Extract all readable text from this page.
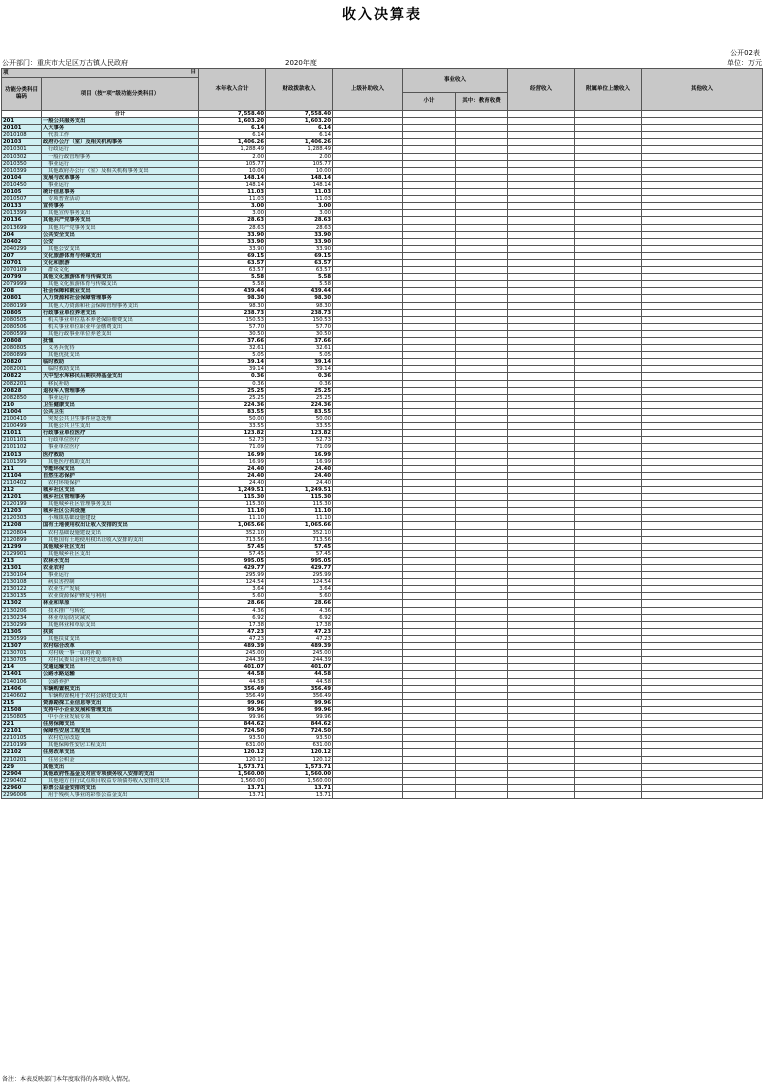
收入决算表
公开02表
公开部门：重庆市大足区万古镇人民政府	2020年度	单位：万元
项 目		本年收入合计	财政拨款收入	上级补助收入	事业收入		经营收入	附属单位上缴收入	其他收入
功能分类科目编码	项目（按“项”级功能分类科目）								
					小计	其中：教育收费			
	合计	7,558.40	7,558.40						
201	一般公共服务支出	1,603.20	1,603.20						
20101	人大事务	6.14	6.14						
2010108	代表工作	6.14	6.14						
20103	政府办公厅（室）及相关机构事务	1,406.26	1,406.26						
2010301	行政运行	1,288.49	1,288.49						
2010302	一般行政管理事务	2.00	2.00						
2010350	事业运行	105.77	105.77						
2010399	其他政府办公厅（室）及相关机构事务支出	10.00	10.00						
20104	发展与改革事务	148.14	148.14						
2010450	事业运行	148.14	148.14						
20105	统计信息事务	11.03	11.03						
2010507	专项普查活动	11.03	11.03						
20133	宣传事务	3.00	3.00						
2013399	其他宣传事务支出	3.00	3.00						
20136	其他共产党事务支出	28.63	28.63						
2013699	其他共产党事务支出	28.63	28.63						
204	公共安全支出	33.90	33.90						
20402	公安	33.90	33.90						
2040299	其他公安支出	33.90	33.90						
207	文化旅游体育与传媒支出	69.15	69.15						
20701	文化和旅游	63.57	63.57						
2070109	群众文化	63.57	63.57						
20799	其他文化旅游体育与传媒支出	5.58	5.58						
2079999	其他文化旅游体育与传媒支出	5.58	5.58						
208	社会保障和就业支出	439.44	439.44						
20801	人力资源和社会保障管理事务	98.30	98.30						
2080199	其他人力资源和社会保障管理事务支出	98.30	98.30						
20805	行政事业单位养老支出	238.73	238.73						
2080505	机关事业单位基本养老保险缴费支出	150.53	150.53						
2080506	机关事业单位职业年金缴费支出	57.70	57.70						
2080599	其他行政事业单位养老支出	30.50	30.50						
20808	抚恤	37.66	37.66						
2080805	义务兵优待	32.61	32.61						
2080899	其他优抚支出	5.05	5.05						
20820	临时救助	39.14	39.14						
2082001	临时救助支出	39.14	39.14						
20822	大中型水库移民后期扶持基金支出	0.36	0.36						
2082201	移民补助	0.36	0.36						
20828	退役军人管理事务	25.25	25.25						
2082850	事业运行	25.25	25.25						
210	卫生健康支出	224.36	224.36						
21004	公共卫生	83.55	83.55						
2100410	突发公共卫生事件应急处理	50.00	50.00						
2100499	其他公共卫生支出	33.55	33.55						
21011	行政事业单位医疗	123.82	123.82						
2101101	行政单位医疗	52.73	52.73						
2101102	事业单位医疗	71.09	71.09						
21013	医疗救助	16.99	16.99						
2101399	其他医疗救助支出	16.99	16.99						
211	节能环保支出	24.40	24.40						
21104	自然生态保护	24.40	24.40						
2110402	农村环境保护	24.40	24.40						
212	城乡社区支出	1,249.51	1,249.51						
21201	城乡社区管理事务	115.30	115.30						
2120199	其他城乡社区管理事务支出	115.30	115.30						
21203	城乡社区公共设施	11.10	11.10						
2120303	小城镇基础设施建设	11.10	11.10						
21208	国有土地使用权出让收入安排的支出	1,065.66	1,065.66						
2120804	农村基础设施建设支出	352.10	352.10						
2120899	其他国有土地使用权出让收入安排的支出	713.56	713.56						
21299	其他城乡社区支出	57.45	57.45						
2129901	其他城乡社区支出	57.45	57.45						
213	农林水支出	995.05	995.05						
21301	农业农村	429.77	429.77						
2130104	事业运行	295.99	295.99						
2130108	病虫害控制	124.54	124.54						
2130122	农业生产发展	3.64	3.64						
2130135	农业资源保护修复与利用	5.60	5.60						
21302	林业和草原	28.66	28.66						
2130206	技术推广与转化	4.36	4.36						
2130234	林业草原防灾减灾	6.92	6.92						
2130299	其他林业和草原支出	17.38	17.38						
21305	扶贫	47.23	47.23						
2130599	其他扶贫支出	47.23	47.23						
21307	农村综合改革	489.39	489.39						
2130701	对村级一事一议的补助	245.00	245.00						
2130705	对村民委员会和村党支部的补助	244.39	244.39						
214	交通运输支出	401.07	401.07						
21401	公路水路运输	44.58	44.58						
2140106	公路养护	44.58	44.58						
21406	车辆购置税支出	356.49	356.49						
2140602	车辆购置税用于农村公路建设支出	356.49	356.49						
215	资源勘探工业信息等支出	99.96	99.96						
21508	支持中小企业发展和管理支出	99.96	99.96						
2150805	中小企业发展专项	99.96	99.96						
221	住房保障支出	844.62	844.62						
22101	保障性安居工程支出	724.50	724.50						
2210105	农村危房改造	93.50	93.50						
2210199	其他保障性安居工程支出	631.00	631.00						
22102	住房改革支出	120.12	120.12						
2210201	住房公积金	120.12	120.12						
229	其他支出	1,573.71	1,573.71						
22904	其他政府性基金及对应专项债务收入安排的支出	1,560.00	1,560.00						
2290402	其他地方自行试点项目收益专项债券收入安排的支出	1,560.00	1,560.00						
22960	彩票公益金安排的支出	13.71	13.71						
2296006	用于残疾人事业的彩票公益金支出	13.71	13.71						
备注：本表反映部门本年度取得的各项收入情况。
